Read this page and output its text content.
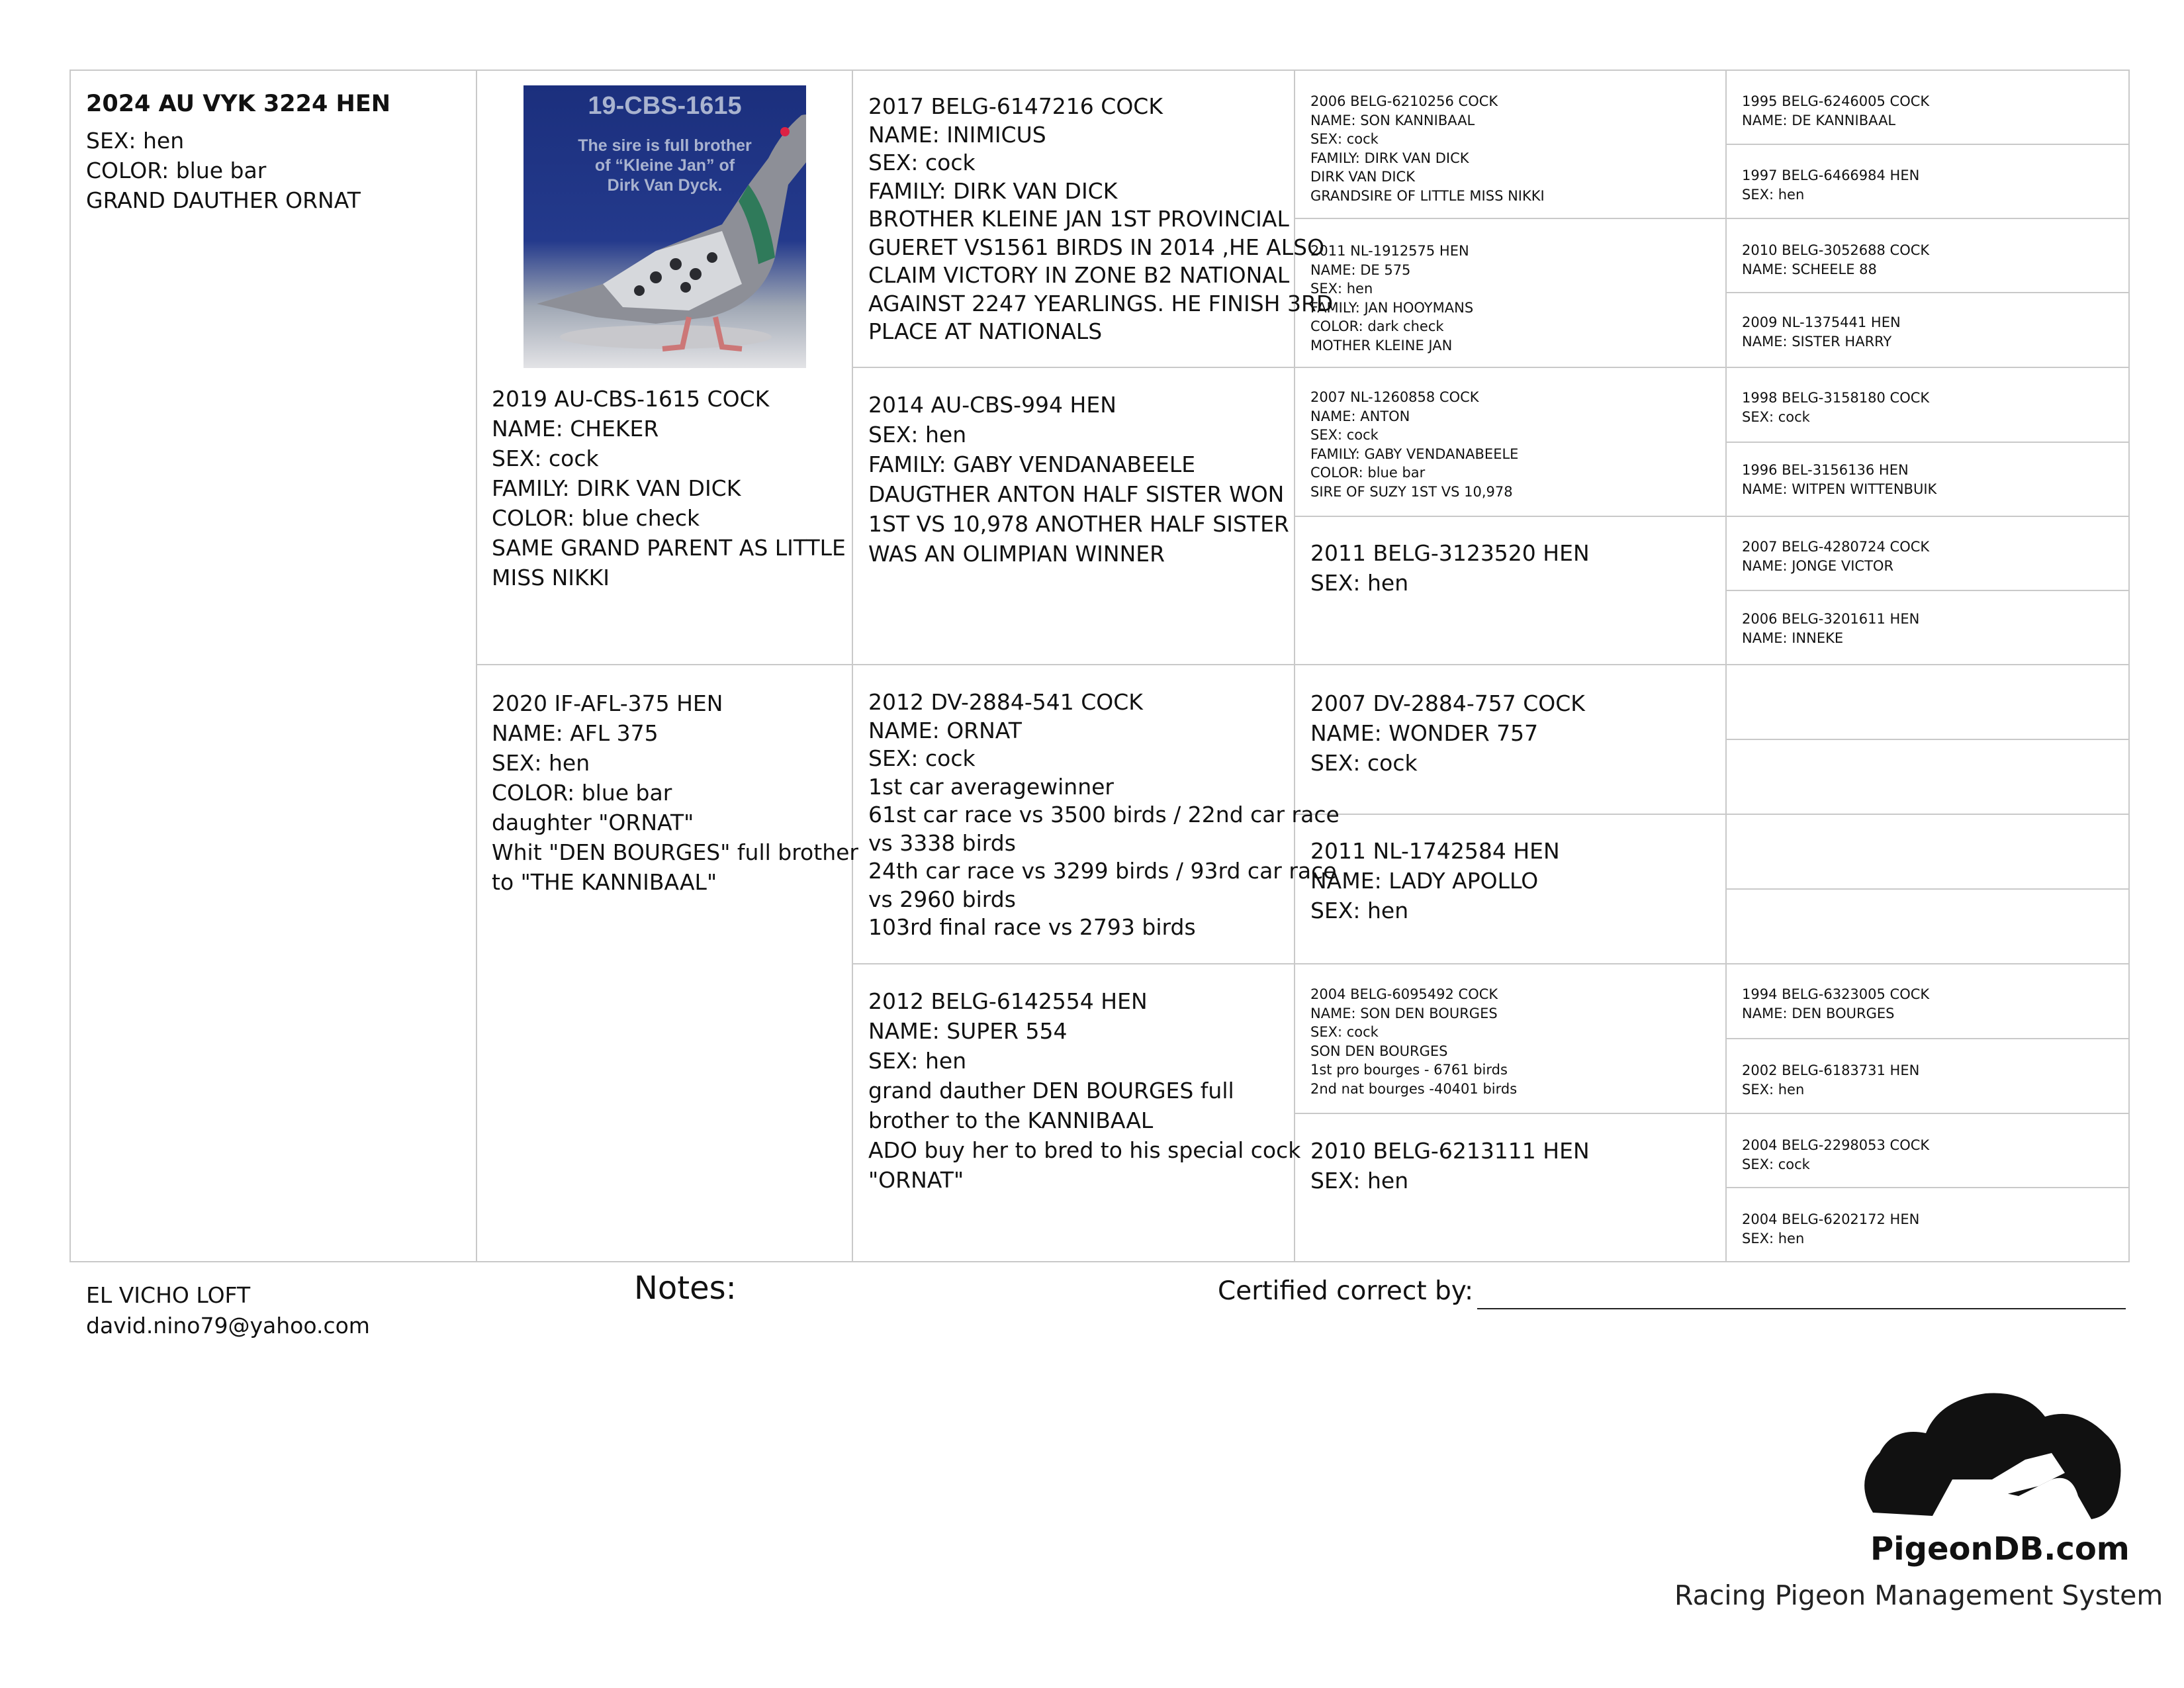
2024 AU VYK 3224 HEN
SEX: hen
COLOR: blue bar
GRAND DAUTHER ORNAT
19-CBS-1615
The sire is full brother
of “Kleine Jan” of
Dirk Van Dyck.
2019 AU-CBS-1615 COCK
NAME: CHEKER
SEX: cock
FAMILY: DIRK VAN DICK
COLOR: blue check
SAME GRAND PARENT AS LITTLE
MISS NIKKI
2020 IF-AFL-375 HEN
NAME: AFL 375
SEX: hen
COLOR: blue bar
daughter "ORNAT"
Whit "DEN BOURGES" full brother
to "THE KANNIBAAL"
2017 BELG-6147216 COCK
NAME: INIMICUS
SEX: cock
FAMILY: DIRK VAN DICK
BROTHER KLEINE JAN 1ST PROVINCIAL
GUERET VS1561 BIRDS IN 2014 ,HE ALSO
CLAIM VICTORY IN ZONE B2 NATIONAL
AGAINST 2247 YEARLINGS. HE FINISH 3RD
PLACE AT NATIONALS
2014 AU-CBS-994 HEN
SEX: hen
FAMILY: GABY VENDANABEELE
DAUGTHER ANTON HALF SISTER WON
1ST VS 10,978 ANOTHER HALF SISTER
WAS AN OLIMPIAN WINNER
2012 DV-2884-541 COCK
NAME: ORNAT
SEX: cock
1st car averagewinner
61st car race vs 3500 birds / 22nd car race
vs 3338 birds
24th car race vs 3299 birds / 93rd car race
vs 2960 birds
103rd final race vs 2793 birds
2012 BELG-6142554 HEN
NAME: SUPER 554
SEX: hen
grand dauther DEN BOURGES full
brother to the KANNIBAAL
ADO buy her to bred to his special cock
"ORNAT"
2006 BELG-6210256 COCK
NAME: SON KANNIBAAL
SEX: cock
FAMILY: DIRK VAN DICK
DIRK VAN DICK
GRANDSIRE OF LITTLE MISS NIKKI
2011 NL-1912575 HEN
NAME: DE 575
SEX: hen
FAMILY: JAN HOOYMANS
COLOR: dark check
MOTHER KLEINE JAN
2007 NL-1260858 COCK
NAME: ANTON
SEX: cock
FAMILY: GABY VENDANABEELE
COLOR: blue bar
SIRE OF SUZY 1ST VS 10,978
2011 BELG-3123520 HEN
SEX: hen
2007 DV-2884-757 COCK
NAME: WONDER 757
SEX: cock
2011 NL-1742584 HEN
NAME: LADY APOLLO
SEX: hen
2004 BELG-6095492 COCK
NAME: SON DEN BOURGES
SEX: cock
SON DEN BOURGES
1st pro bourges - 6761 birds
2nd nat bourges -40401 birds
2010 BELG-6213111 HEN
SEX: hen
1995 BELG-6246005 COCK
NAME: DE KANNIBAAL
1997 BELG-6466984 HEN
SEX: hen
2010 BELG-3052688 COCK
NAME: SCHEELE 88
2009 NL-1375441 HEN
NAME: SISTER HARRY
1998 BELG-3158180 COCK
SEX: cock
1996 BEL-3156136 HEN
NAME: WITPEN WITTENBUIK
2007 BELG-4280724 COCK
NAME: JONGE VICTOR
2006 BELG-3201611 HEN
NAME: INNEKE
1994 BELG-6323005 COCK
NAME: DEN BOURGES
2002 BELG-6183731 HEN
SEX: hen
2004 BELG-2298053 COCK
SEX: cock
2004 BELG-6202172 HEN
SEX: hen
EL VICHO LOFT
david.nino79@yahoo.com
Notes:	Certified correct by:
PigeonDB.com
Racing Pigeon Management System
